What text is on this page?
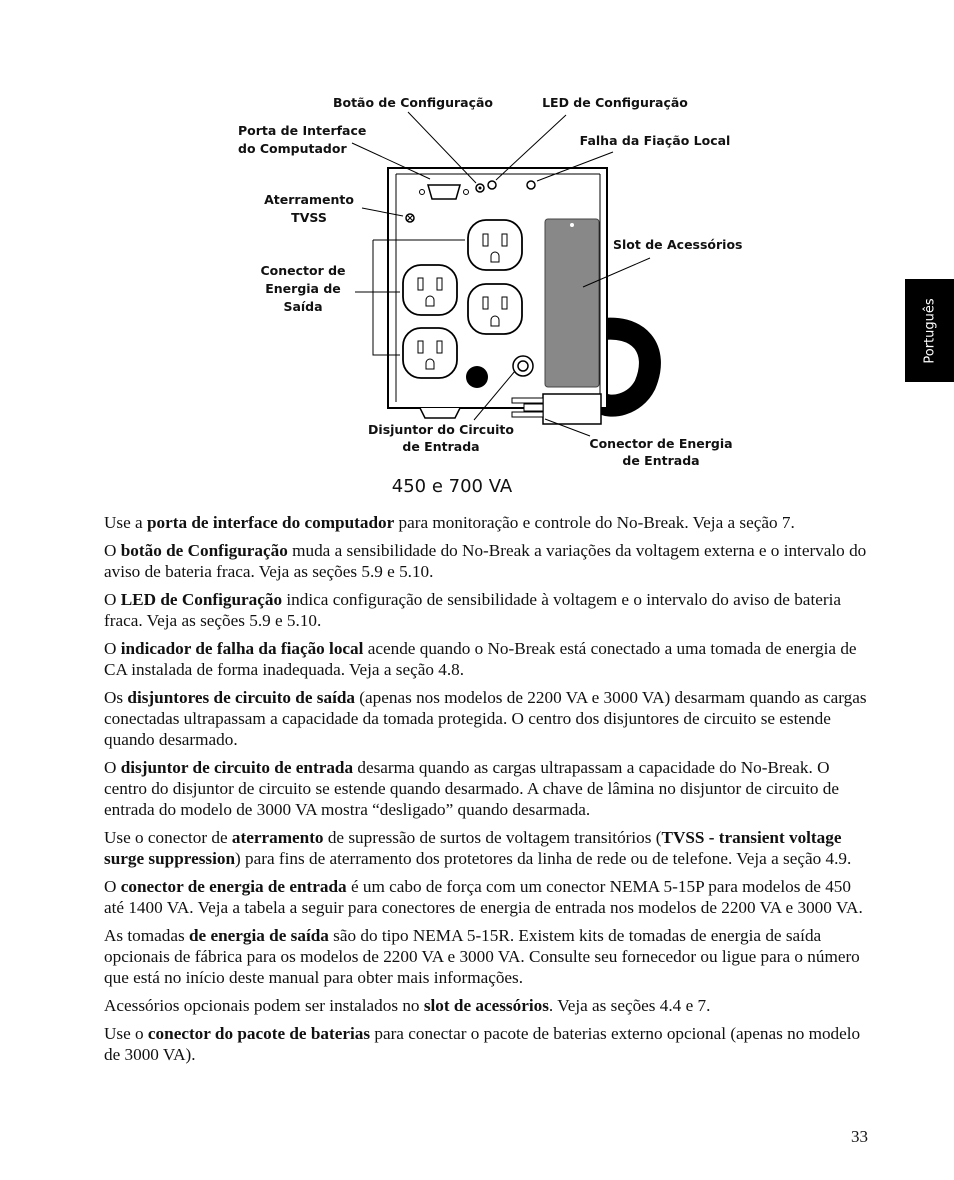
Botão de Configuração	LED de Configuração
Porta de Interface
do Computador
Falha da Fiação Local
Aterramento
TVSS
Slot de Acessórios
Conector de
Energia de
Saída
Disjuntor do Circuito
de Entrada	Conector de Energia
de Entrada
450 e 700 VA
Português

Use a porta de interface do computador para monitoração e controle do No-Break. Veja a seção 7.

O botão de Configuração muda a sensibilidade do No-Break a variações da voltagem externa e o intervalo do aviso de bateria fraca. Veja as seções 5.9 e 5.10.

O LED de Configuração indica configuração de sensibilidade à voltagem e o intervalo do aviso de bateria fraca. Veja as seções 5.9 e 5.10.

O indicador de falha da fiação local acende quando o No-Break está conectado a uma tomada de energia de CA instalada de forma inadequada. Veja a seção 4.8.

Os disjuntores de circuito de saída (apenas nos modelos de 2200 VA e 3000 VA) desarmam quando as cargas conectadas ultrapassam a capacidade da tomada protegida. O centro dos disjuntores de circuito se estende quando desarmado.

O disjuntor de circuito de entrada desarma quando as cargas ultrapassam a capacidade do No-Break. O centro do disjuntor de circuito se estende quando desarmado. A chave de lâmina no disjuntor de circuito de entrada do modelo de 3000 VA mostra “desligado” quando desarmada.

Use o conector de aterramento de supressão de surtos de voltagem transitórios (TVSS - transient voltage surge suppression) para fins de aterramento dos protetores da linha de rede ou de telefone. Veja a seção 4.9.

O conector de energia de entrada é um cabo de força com um conector NEMA 5-15P para modelos de 450 até 1400 VA. Veja a tabela a seguir para conectores de energia de entrada nos modelos de 2200 VA e 3000 VA.

As tomadas de energia de saída são do tipo NEMA 5-15R. Existem kits de tomadas de energia de saída opcionais de fábrica para os modelos de 2200 VA e 3000 VA. Consulte seu fornecedor ou ligue para o número que está no início deste manual para obter mais informações.

Acessórios opcionais podem ser instalados no slot de acessórios. Veja as seções 4.4 e 7.

Use o conector do pacote de baterias para conectar o pacote de baterias externo opcional (apenas no modelo de 3000 VA).

33
